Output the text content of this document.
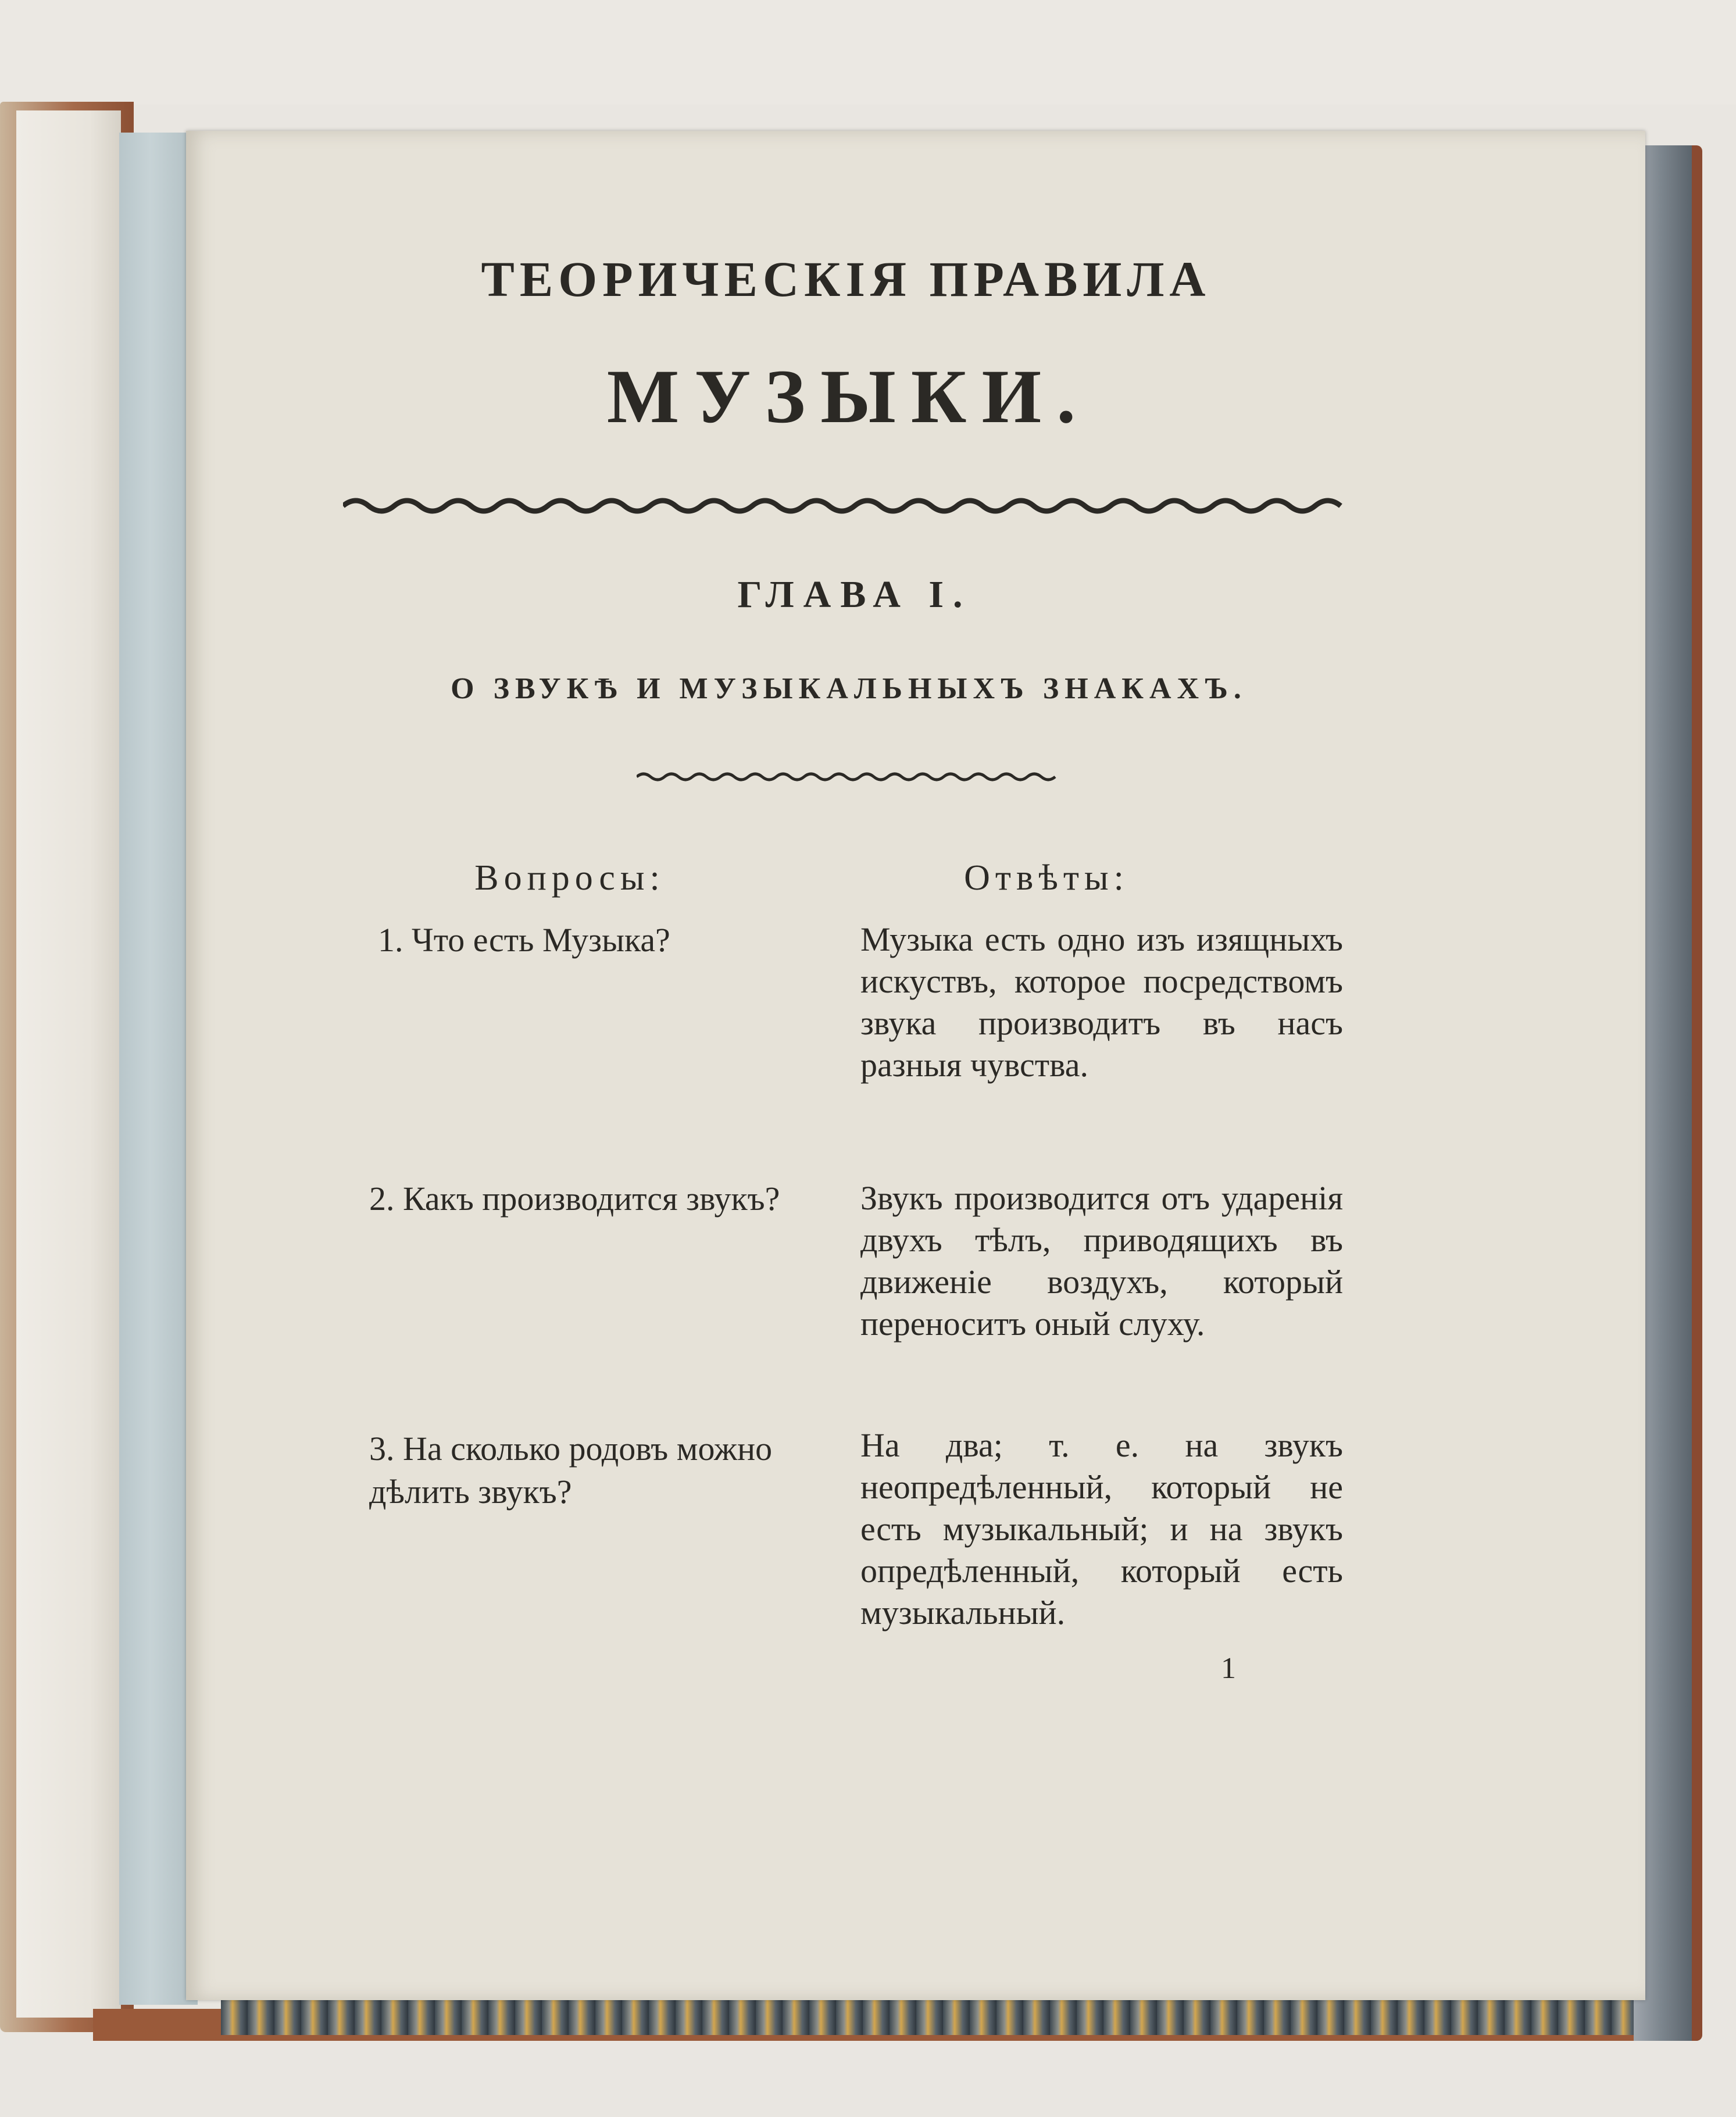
ТЕОРИЧЕСКІЯ ПРАВИЛА
МУЗЫКИ.
ГЛАВА I.
О ЗВУКѢ И МУЗЫКАЛЬНЫХЪ ЗНАКАХЪ.
Вопросы:	Отвѣты:
1. Что есть Музыка?	Музыка есть одно изъ изящныхъ искуствъ, которое посредствомъ звука производитъ въ насъ разныя чувства.

2. Какъ производится звукъ? Звукъ производится отъ ударенія двухъ тѣлъ, приводящихъ въ движеніе воздухъ, который переноситъ оный слуху.

3. На сколько родовъ можно дѣлить звукъ?

На два; т. е. на звукъ неопредѣленный, который не есть музыкальный; и на звукъ опредѣленный, который есть музыкальный.

1
